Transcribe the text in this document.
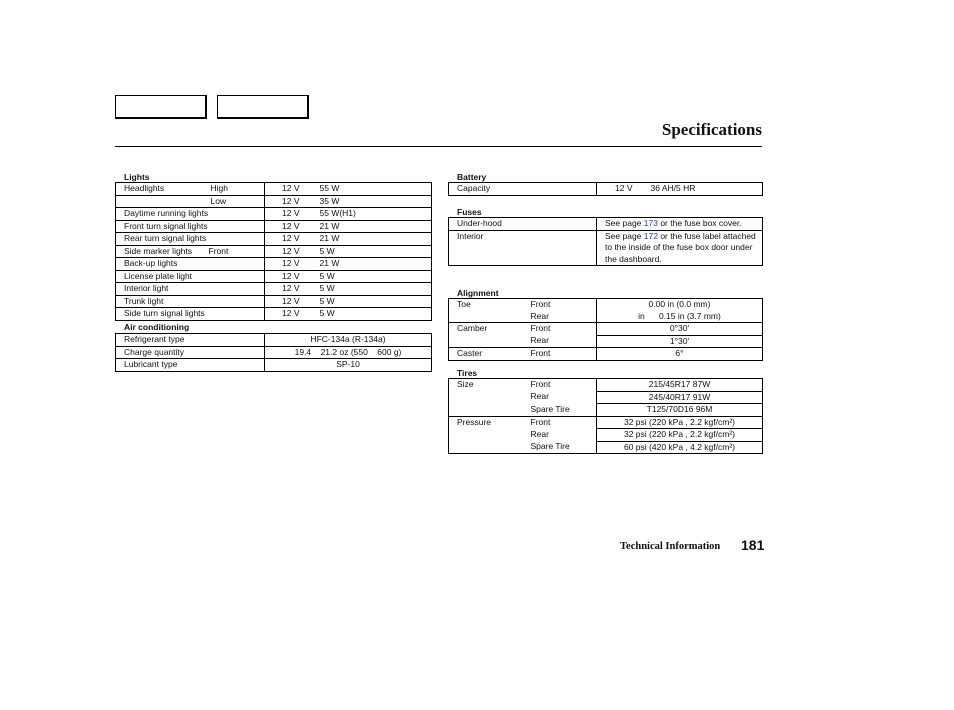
Specifications
Lights
Headlights	High	12 V	55 W
	Low	12 V	35 W
Daytime running lights		12 V	55 W(H1)
Front turn signal lights		12 V	21 W
Rear turn signal lights		12 V	21 W
Side marker lights	Front	12 V	5 W
Back-up lights		12 V	21 W
License plate light		12 V	5 W
Interior light		12 V	5 W
Trunk light		12 V	5 W
Side turn signal lights		12 V	5 W
Air conditioning
Refrigerant type	HFC-134a (R-134a)
Charge quantity	19.4    21.2 oz (550    600 g)
Lubricant type	SP-10
Battery
Capacity	12 V	36 AH/5 HR
Fuses
Under-hood	See page 173 or the fuse box cover.
Interior	See page 172 or the fuse label attached to the inside of the fuse box door under the dashboard.
Alignment
Toe	Front	0.00 in (0.0 mm)
	Rear	in      0.15 in (3.7 mm)
Camber	Front	0°30′
	Rear	1°30′
Caster	Front	6°
Tires
Size	Front	215/45R17 87W
	Rear	245/40R17 91W
	Spare Tire	T125/70D16 96M
Pressure	Front	32 psi (220 kPa , 2.2 kgf/cm²)
	Rear	32 psi (220 kPa , 2.2 kgf/cm²)
	Spare Tire	60 psi (420 kPa , 4.2 kgf/cm²)
Technical Information 181
